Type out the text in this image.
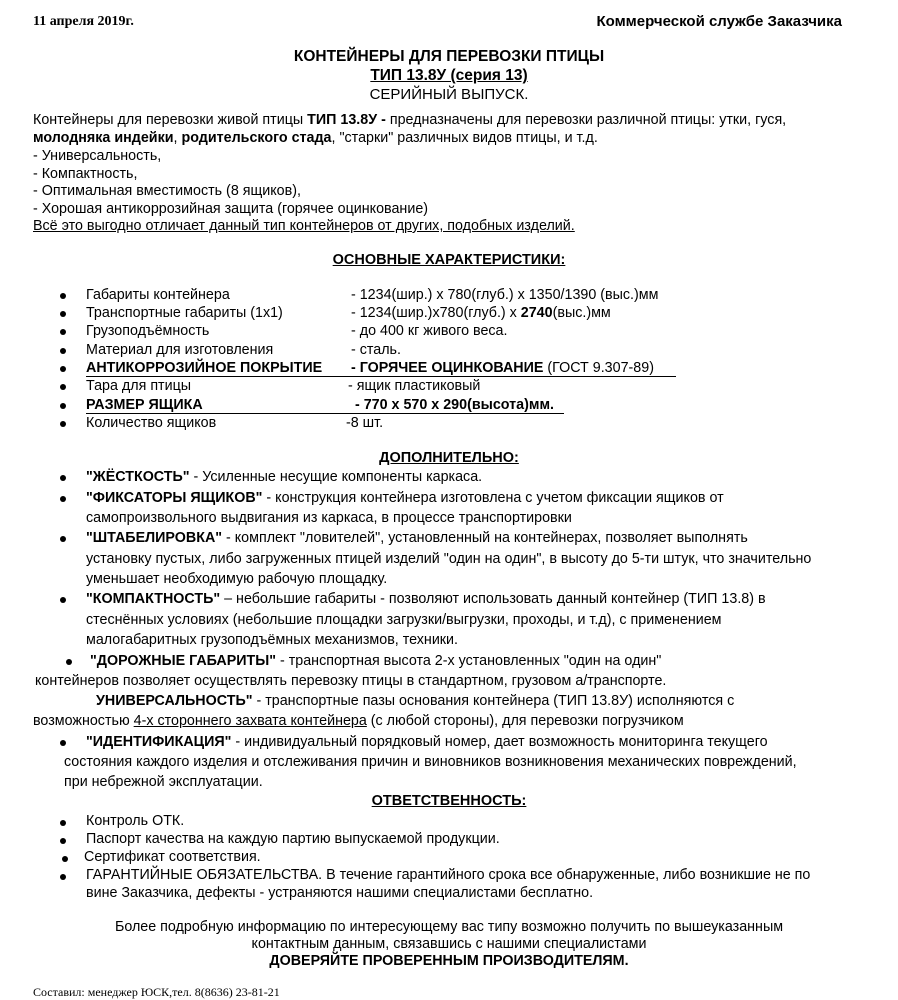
11 апреля 2019г.	Коммерческой службе Заказчика
КОНТЕЙНЕРЫ ДЛЯ ПЕРЕВОЗКИ ПТИЦЫ
ТИП 13.8У (серия 13)
СЕРИЙНЫЙ ВЫПУСК.
Контейнеры для перевозки живой птицы ТИП 13.8У - предназначены для перевозки различной птицы: утки, гуся,
молодняка индейки, родительского стада, "старки" различных видов птицы, и т.д.
- Универсальность,
- Компактность,
- Оптимальная вместимость (8 ящиков),
- Хорошая антикоррозийная защита (горячее оцинкование)
Всё это выгодно отличает данный тип контейнеров от других, подобных изделий.
ОСНОВНЫЕ ХАРАКТЕРИСТИКИ:
Габариты контейнера	- 1234(шир.) х 780(глуб.) х 1350/1390 (выс.)мм
Транспортные габариты (1х1)	- 1234(шир.)х780(глуб.) х 2740(выс.)мм
Грузоподъёмность	- до 400 кг живого веса.
Материал для изготовления	- сталь.
АНТИКОРРОЗИЙНОЕ ПОКРЫТИЕ - ГОРЯЧЕЕ ОЦИНКОВАНИЕ (ГОСТ 9.307-89)
Тара для птицы	- ящик пластиковый
РАЗМЕР ЯЩИКА	- 770 х 570 х 290(высота)мм.
Количество ящиков	-8 шт.
ДОПОЛНИТЕЛЬНО:
"ЖЁСТКОСТЬ" - Усиленные несущие компоненты каркаса.
"ФИКСАТОРЫ ЯЩИКОВ" - конструкция контейнера изготовлена с учетом фиксации ящиков от
самопроизвольного выдвигания из каркаса, в процессе транспортировки
"ШТАБЕЛИРОВКА" - комплект "ловителей", установленный на контейнерах, позволяет выполнять
установку пустых, либо загруженных птицей изделий "один на один", в высоту до 5-ти штук, что значительно
уменьшает необходимую рабочую площадку.
"КОМПАКТНОСТЬ" – небольшие габариты - позволяют использовать данный контейнер (ТИП 13.8) в
стеснённых условиях (небольшие площадки загрузки/выгрузки, проходы, и т.д), с применением
малогабаритных грузоподъёмных механизмов, техники.
"ДОРОЖНЫЕ ГАБАРИТЫ" - транспортная высота 2-х установленных "один на один"
контейнеров позволяет осуществлять перевозку птицы в стандартном, грузовом а/транспорте.
УНИВЕРСАЛЬНОСТЬ" - транспортные пазы основания контейнера (ТИП 13.8У) исполняются с
возможностью 4-х стороннего захвата контейнера (с любой стороны), для перевозки погрузчиком
"ИДЕНТИФИКАЦИЯ" - индивидуальный порядковый номер, дает возможность мониторинга текущего
состояния каждого изделия и отслеживания причин и виновников возникновения механических повреждений,
при небрежной эксплуатации.
ОТВЕТСТВЕННОСТЬ:
Контроль ОТК.
Паспорт качества на каждую партию выпускаемой продукции.
Сертификат соответствия.
ГАРАНТИЙНЫЕ ОБЯЗАТЕЛЬСТВА. В течение гарантийного срока все обнаруженные, либо возникшие не по
вине Заказчика, дефекты - устраняются нашими специалистами бесплатно.
Более подробную информацию по интересующему вас типу возможно получить по вышеуказанным
контактным данным, связавшись с нашими специалистами
ДОВЕРЯЙТЕ ПРОВЕРЕННЫМ ПРОИЗВОДИТЕЛЯМ.
Составил: менеджер ЮСК,тел. 8(8636) 23-81-21
